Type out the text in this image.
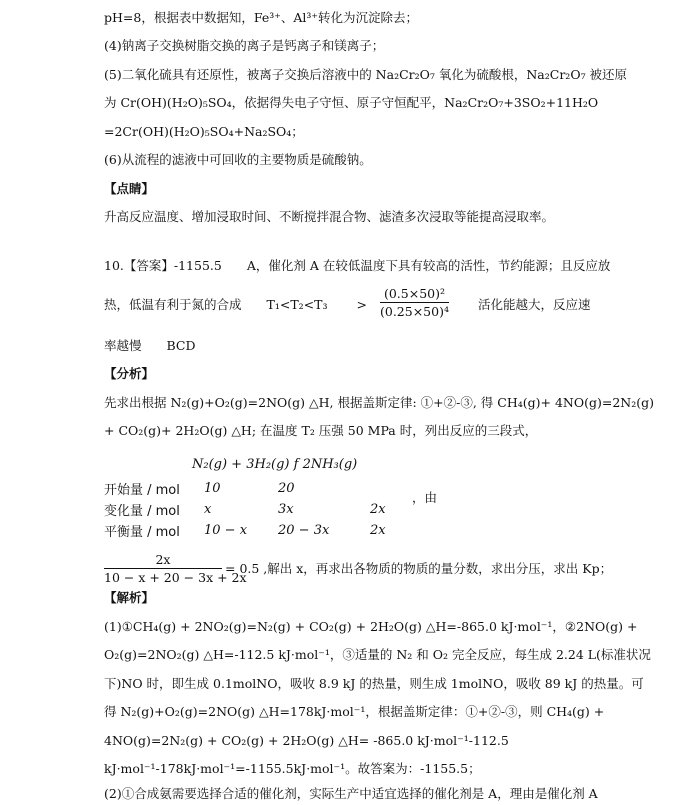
pH=8，根据表中数据知，Fe³⁺、Al³⁺转化为沉淀除去；
(4)钠离子交换树脂交换的离子是钙离子和镁离子；
(5)二氧化硫具有还原性，被离子交换后溶液中的 Na₂Cr₂O₇ 氧化为硫酸根，Na₂Cr₂O₇ 被还原
为 Cr(OH)(H₂O)₅SO₄，依据得失电子守恒、原子守恒配平，Na₂Cr₂O₇+3SO₂+11H₂O
=2Cr(OH)(H₂O)₅SO₄+Na₂SO₄；
(6)从流程的滤液中可回收的主要物质是硫酸钠。
【点睛】
升高反应温度、增加浸取时间、不断搅拌混合物、滤渣多次浸取等能提高浸取率。
10.【答案】-1155.5　　A，催化剂 A 在较低温度下具有较高的活性，节约能源；且反应放
热，低温有利于氮的合成　　T₁<T₂<T₃　　 >
(0.5×50)²
(0.25×50)⁴ 活化能越大，反应速
率越慢　　BCD
【分析】
先求出根据 N₂(g)+O₂(g)=2NO(g) △H, 根据盖斯定律: ①+②-③, 得 CH₄(g)+ 4NO(g)=2N₂(g)
+ CO₂(g)+ 2H₂O(g) △H; 在温度 T₂ 压强 50 MPa 时，列出反应的三段式，
N₂(g) + 3H₂(g) f 2NH₃(g)
开始量 / mol	10	20	
变化量 / mol	x	3x	2x
平衡量 / mol	10 − x	20 − 3x	2x
，由
2x
10 − x + 20 − 3x + 2x
= 0.5 ,解出 x，再求出各物质的物质的量分数，求出分压，求出 Kp；
【解析】
(1)①CH₄(g) + 2NO₂(g)=N₂(g) + CO₂(g) + 2H₂O(g) △H=-865.0 kJ·mol⁻¹，②2NO(g) +
O₂(g)=2NO₂(g) △H=-112.5 kJ·mol⁻¹，③适量的 N₂ 和 O₂ 完全反应，每生成 2.24 L(标准状况
下)NO 时，即生成 0.1molNO，吸收 8.9 kJ 的热量，则生成 1molNO，吸收 89 kJ 的热量。可
得 N₂(g)+O₂(g)=2NO(g) △H=178kJ·mol⁻¹，根据盖斯定律：①+②-③，则 CH₄(g) +
4NO(g)=2N₂(g) + CO₂(g) + 2H₂O(g) △H= -865.0 kJ·mol⁻¹-112.5
kJ·mol⁻¹-178kJ·mol⁻¹=-1155.5kJ·mol⁻¹。故答案为：-1155.5；
(2)①合成氨需要选择合适的催化剂，实际生产中适宜选择的催化剂是 A，理由是催化剂 A
